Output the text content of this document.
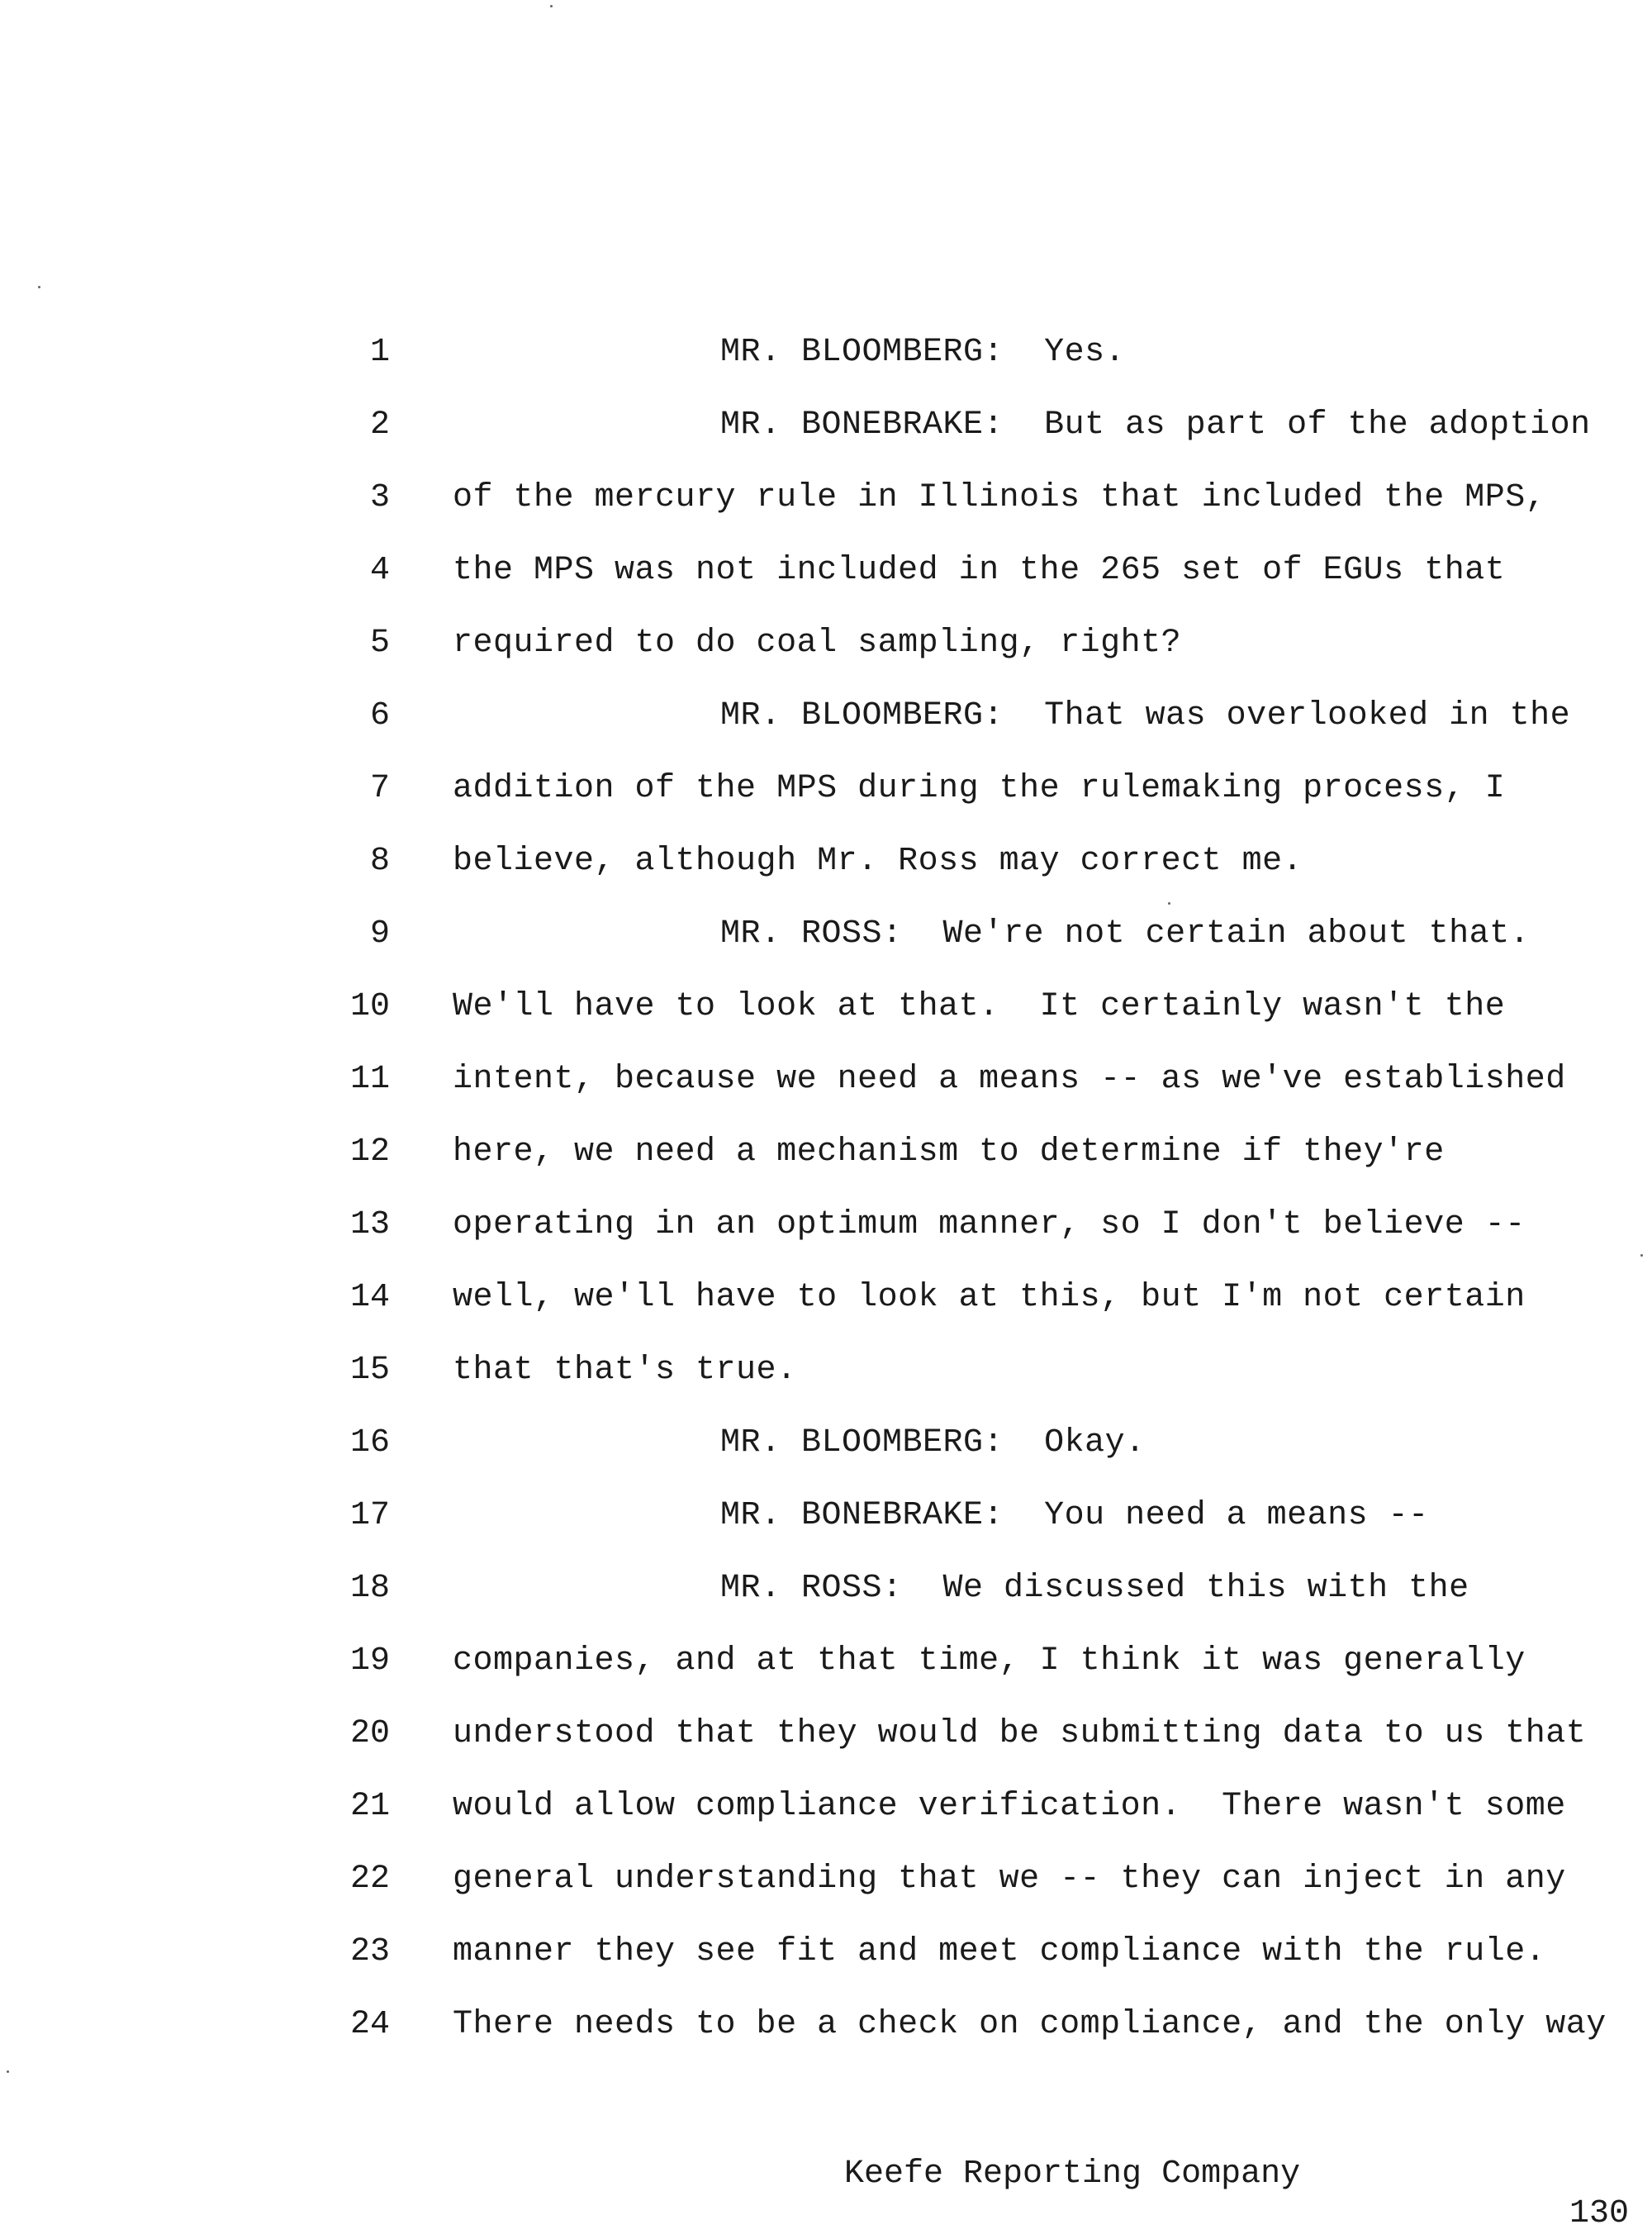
1	MR. BLOOMBERG:  Yes.
2	MR. BONEBRAKE:  But as part of the adoption
3 of the mercury rule in Illinois that included the MPS,
4 the MPS was not included in the 265 set of EGUs that
5 required to do coal sampling, right?
6	MR. BLOOMBERG:  That was overlooked in the
7 addition of the MPS during the rulemaking process, I
8 believe, although Mr. Ross may correct me.
9	MR. ROSS:  We're not certain about that.
10 We'll have to look at that.  It certainly wasn't the
11 intent, because we need a means -- as we've established
12 here, we need a mechanism to determine if they're
13 operating in an optimum manner, so I don't believe --
14 well, we'll have to look at this, but I'm not certain
15 that that's true.
16	MR. BLOOMBERG:  Okay.
17	MR. BONEBRAKE:  You need a means --
18	MR. ROSS:  We discussed this with the
19 companies, and at that time, I think it was generally
20 understood that they would be submitting data to us that
21 would allow compliance verification.  There wasn't some
22 general understanding that we -- they can inject in any
23 manner they see fit and meet compliance with the rule.
24 There needs to be a check on compliance, and the only way

Keefe Reporting Company

130
